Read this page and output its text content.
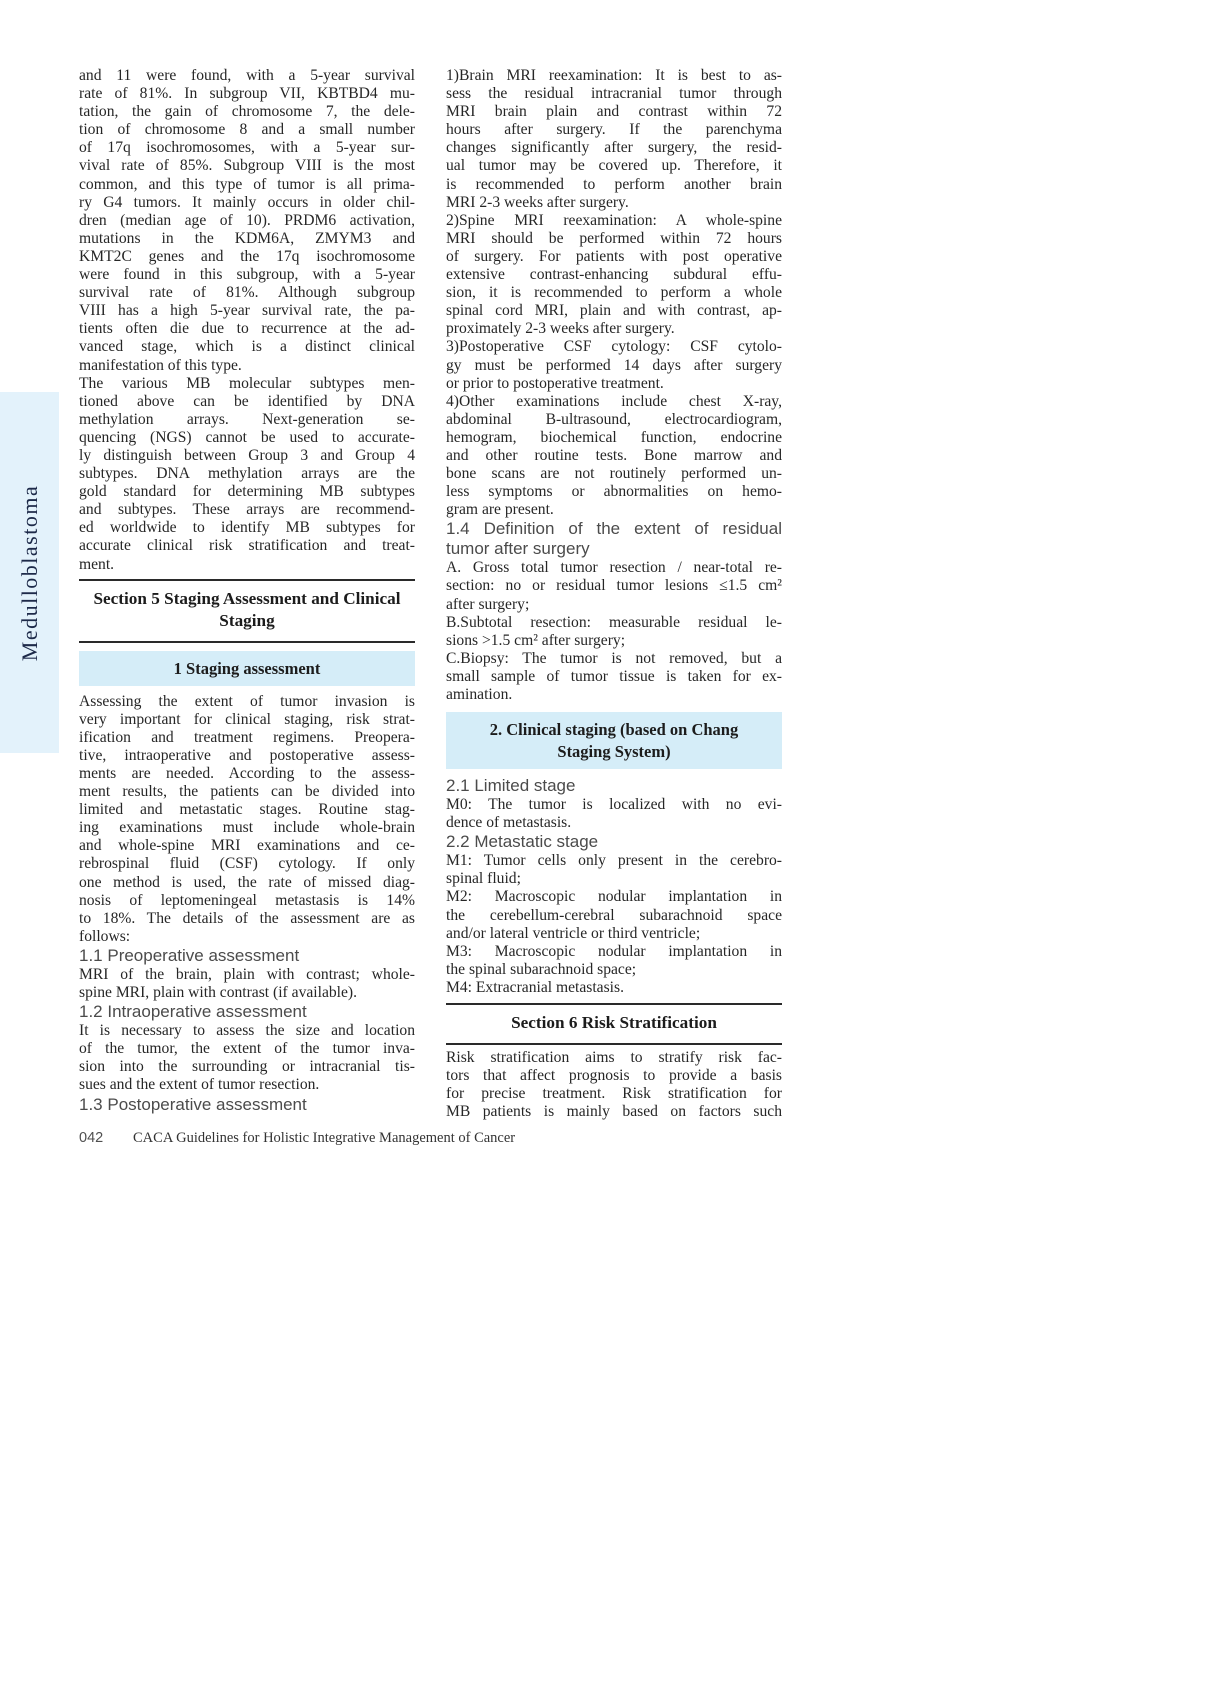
Medulloblastoma
and 11 were found, with a 5-year survival
rate of 81%. In subgroup VII, KBTBD4 mu-
tation, the gain of chromosome 7, the dele-
tion of chromosome 8 and a small number
of 17q isochromosomes, with a 5-year sur-
vival rate of 85%. Subgroup VIII is the most
common, and this type of tumor is all prima-
ry G4 tumors. It mainly occurs in older chil-
dren (median age of 10). PRDM6 activation,
mutations in the KDM6A, ZMYM3 and
KMT2C genes and the 17q isochromosome
were found in this subgroup, with a 5-year
survival rate of 81%. Although subgroup
VIII has a high 5-year survival rate, the pa-
tients often die due to recurrence at the ad-
vanced stage, which is a distinct clinical
manifestation of this type.
The various MB molecular subtypes men-
tioned above can be identified by DNA
methylation arrays. Next-generation se-
quencing (NGS) cannot be used to accurate-
ly distinguish between Group 3 and Group 4
subtypes. DNA methylation arrays are the
gold standard for determining MB subtypes
and subtypes. These arrays are recommend-
ed worldwide to identify MB subtypes for
accurate clinical risk stratification and treat-
ment.
Section 5 Staging Assessment and Clinical
Staging
1 Staging assessment
Assessing the extent of tumor invasion is
very important for clinical staging, risk strat-
ification and treatment regimens. Preopera-
tive, intraoperative and postoperative assess-
ments are needed. According to the assess-
ment results, the patients can be divided into
limited and metastatic stages. Routine stag-
ing examinations must include whole-brain
and whole-spine MRI examinations and ce-
rebrospinal fluid (CSF) cytology. If only
one method is used, the rate of missed diag-
nosis of leptomeningeal metastasis is 14%
to 18%. The details of the assessment are as
follows:
1.1 Preoperative assessment
MRI of the brain, plain with contrast; whole-
spine MRI, plain with contrast (if available).
1.2 Intraoperative assessment
It is necessary to assess the size and location
of the tumor, the extent of the tumor inva-
sion into the surrounding or intracranial tis-
sues and the extent of tumor resection.
1.3 Postoperative assessment
1)Brain MRI reexamination: It is best to as-
sess the residual intracranial tumor through
MRI brain plain and contrast within 72
hours after surgery. If the parenchyma
changes significantly after surgery, the resid-
ual tumor may be covered up. Therefore, it
is recommended to perform another brain
MRI 2-3 weeks after surgery.
2)Spine MRI reexamination: A whole-spine
MRI should be performed within 72 hours
of surgery. For patients with post operative
extensive contrast-enhancing subdural effu-
sion, it is recommended to perform a whole
spinal cord MRI, plain and with contrast, ap-
proximately 2-3 weeks after surgery.
3)Postoperative CSF cytology: CSF cytolo-
gy must be performed 14 days after surgery
or prior to postoperative treatment.
4)Other examinations include chest X-ray,
abdominal B-ultrasound, electrocardiogram,
hemogram, biochemical function, endocrine
and other routine tests. Bone marrow and
bone scans are not routinely performed un-
less symptoms or abnormalities on hemo-
gram are present.
1.4 Definition of the extent of residual
tumor after surgery
A. Gross total tumor resection / near-total re-
section: no or residual tumor lesions ≤1.5 cm²
after surgery;
B.Subtotal resection: measurable residual le-
sions >1.5 cm² after surgery;
C.Biopsy: The tumor is not removed, but a
small sample of tumor tissue is taken for ex-
amination.
2. Clinical staging (based on Chang
Staging System)
2.1 Limited stage
M0: The tumor is localized with no evi-
dence of metastasis.
2.2 Metastatic stage
M1: Tumor cells only present in the cerebro-
spinal fluid;
M2: Macroscopic nodular implantation in
the cerebellum-cerebral subarachnoid space
and/or lateral ventricle or third ventricle;
M3: Macroscopic nodular implantation in
the spinal subarachnoid space;
M4: Extracranial metastasis.
Section 6 Risk Stratification
Risk stratification aims to stratify risk fac-
tors that affect prognosis to provide a basis
for precise treatment. Risk stratification for
MB patients is mainly based on factors such
042 CACA Guidelines for Holistic Integrative Management of Cancer
